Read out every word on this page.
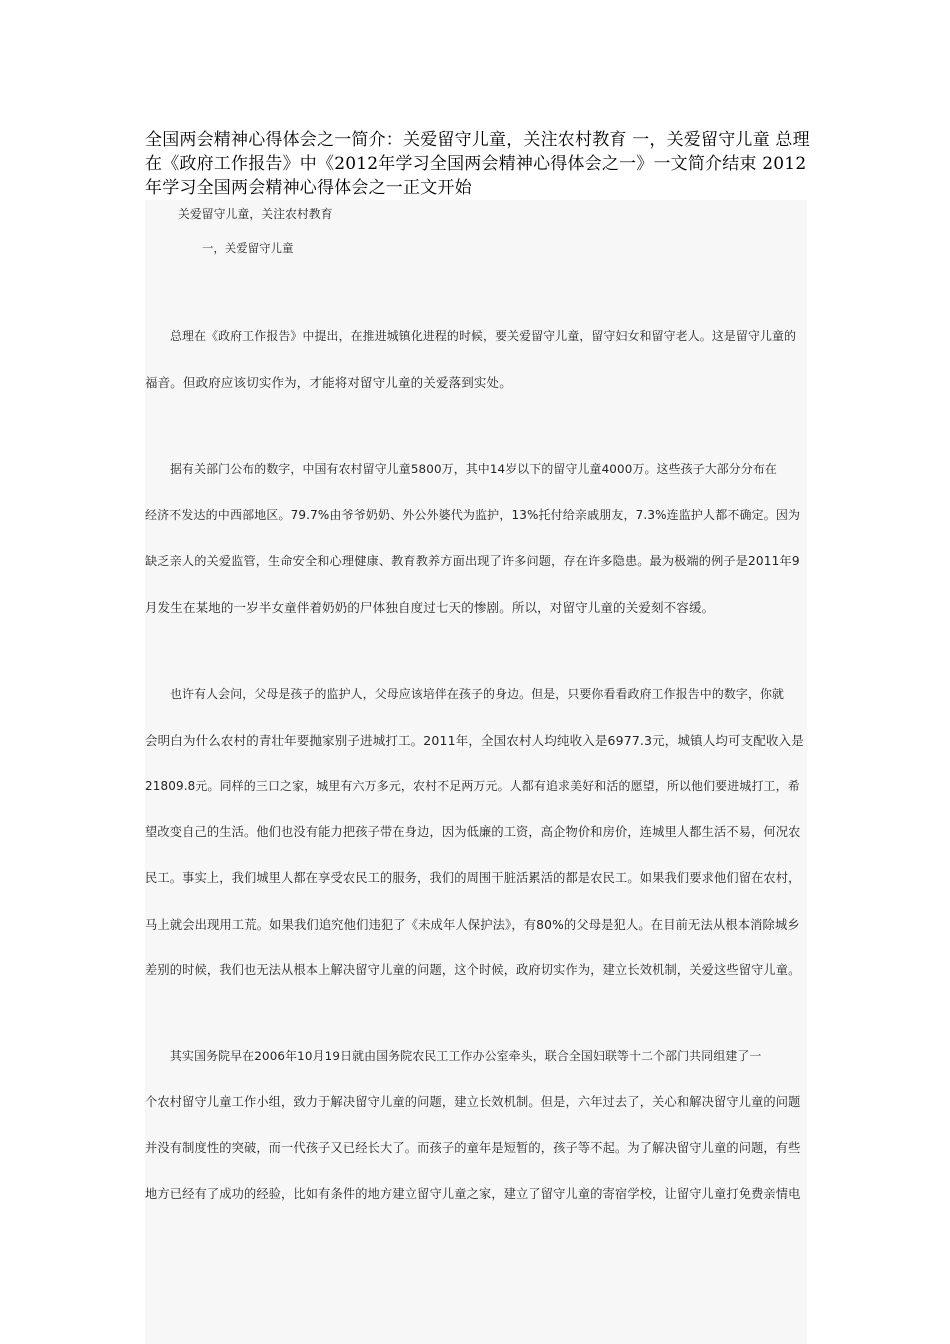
全国两会精神心得体会之一简介：关爱留守儿童，关注农村教育 一，关爱留守儿童 总理在《政府工作报告》中《2012年学习全国两会精神心得体会之一》一文简介结束 2012年学习全国两会精神心得体会之一正文开始
关爱留守儿童，关注农村教育
一，关爱留守儿童
总理在《政府工作报告》中提出，在推进城镇化进程的时候，要关爱留守儿童，留守妇女和留守老人。这是留守儿童的
福音。但政府应该切实作为，才能将对留守儿童的关爱落到实处。
据有关部门公布的数字，中国有农村留守儿童5800万，其中14岁以下的留守儿童4000万。这些孩子大部分分布在
经济不发达的中西部地区。79.7%由爷爷奶奶、外公外婆代为监护，13%托付给亲戚朋友，7.3%连监护人都不确定。因为
缺乏亲人的关爱监管，生命安全和心理健康、教育教养方面出现了许多问题，存在许多隐患。最为极端的例子是2011年9
月发生在某地的一岁半女童伴着奶奶的尸体独自度过七天的惨剧。所以，对留守儿童的关爱刻不容缓。
也许有人会问，父母是孩子的监护人，父母应该培伴在孩子的身边。但是，只要你看看政府工作报告中的数字，你就
会明白为什么农村的青壮年要抛家别子进城打工。2011年，全国农村人均纯收入是6977.3元，城镇人均可支配收入是
21809.8元。同样的三口之家，城里有六万多元，农村不足两万元。人都有追求美好和活的愿望，所以他们要进城打工，希
望改变自己的生活。他们也没有能力把孩子带在身边，因为低廉的工资，高企物价和房价，连城里人都生活不易，何况农
民工。事实上，我们城里人都在享受农民工的服务，我们的周围干脏活累活的都是农民工。如果我们要求他们留在农村，
马上就会出现用工荒。如果我们追究他们违犯了《未成年人保护法》，有80%的父母是犯人。在目前无法从根本消除城乡
差别的时候，我们也无法从根本上解决留守儿童的问题，这个时候，政府切实作为，建立长效机制，关爱这些留守儿童。
其实国务院早在2006年10月19日就由国务院农民工工作办公室牵头，联合全国妇联等十二个部门共同组建了一
个农村留守儿童工作小组，致力于解决留守儿童的问题，建立长效机制。但是，六年过去了，关心和解决留守儿童的问题
并没有制度性的突破，而一代孩子又已经长大了。而孩子的童年是短暂的，孩子等不起。为了解决留守儿童的问题，有些
地方已经有了成功的经验，比如有条件的地方建立留守儿童之家，建立了留守儿童的寄宿学校，让留守儿童打免费亲情电
